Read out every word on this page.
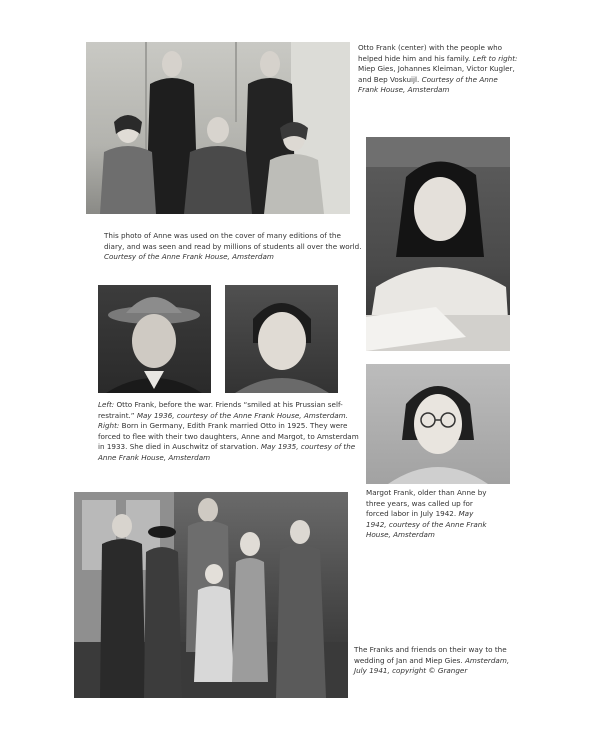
Otto Frank (center) with the people who helped hide him and his family. Left to right: Miep Gies, Johannes Kleiman, Victor Kugler, and Bep Voskuijl. Courtesy of the Anne Frank House, Amsterdam

This photo of Anne was used on the cover of many editions of the diary, and was seen and read by millions of students all over the world. Courtesy of the Anne Frank House, Amsterdam

Left: Otto Frank, before the war. Friends “smiled at his Prussian self-restraint.” May 1936, courtesy of the Anne Frank House, Amsterdam. Right: Born in Germany, Edith Frank married Otto in 1925. They were forced to flee with their two daughters, Anne and Margot, to Amsterdam in 1933. She died in Auschwitz of starvation. May 1935, courtesy of the Anne Frank House, Amsterdam

Margot Frank, older than Anne by three years, was called up for forced labor in July 1942. May 1942, courtesy of the Anne Frank House, Amsterdam

The Franks and friends on their way to the wedding of Jan and Miep Gies. Amsterdam, July 1941, copyright © Granger
